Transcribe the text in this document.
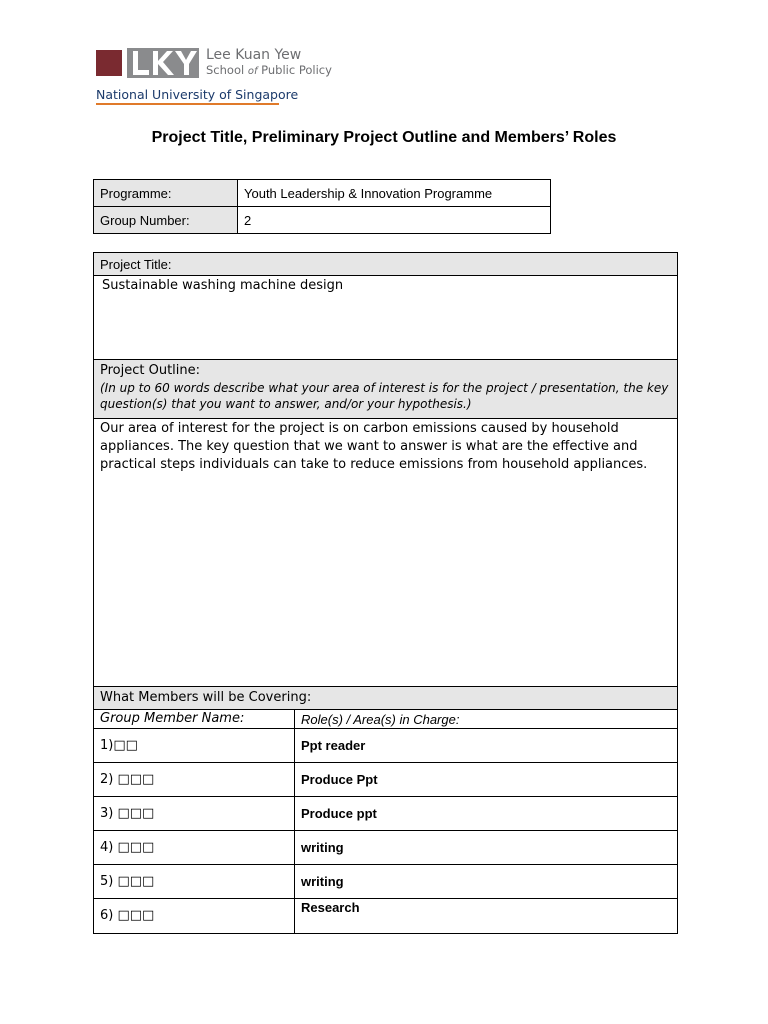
Lee Kuan Yew
School of Public Policy
National University of Singapore
Project Title, Preliminary Project Outline and Members’ Roles
Programme:	Youth Leadership & Innovation Programme
Group Number:	2
Project Title:	
Sustainable washing machine design	

Project Outline:
(In up to 60 words describe what your area of interest is for the project / presentation, the key question(s) that you want to answer, and/or your hypothesis.)	

Our area of interest for the project is on carbon emissions caused by household appliances. The key question that we want to answer is what are the effective and practical steps individuals can take to reduce emissions from household appliances.	
What Members will be Covering:	
Group Member Name:	Role(s) / Area(s) in Charge:
1)□□	Ppt reader
2) □□□	Produce Ppt
3) □□□	Produce ppt
4) □□□	writing
5) □□□	writing
6) □□□	Research
